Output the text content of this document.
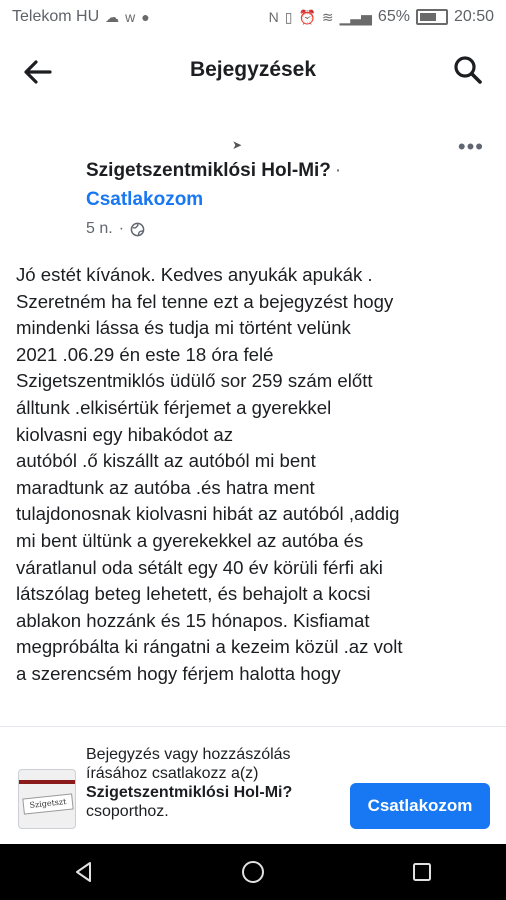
Telekom HU ☁ w ●	N ▯ ⏰ ≋ ▁▃▅ 65%	20:50
Bejegyzések
➤	•••
Szigetszentmiklósi Hol-Mi? ·
Csatlakozom
5 n. ·
Jó estét kívánok. Kedves anyukák apukák .
Szeretném ha fel tenne ezt a bejegyzést hogy
mindenki lássa és tudja mi történt velünk
2021 .06.29 én este 18 óra felé
Szigetszentmiklós üdülő sor 259 szám előtt
álltunk .elkisértük férjemet a gyerekkel
kiolvasni egy hibakódot az
autóból .ő kiszállt az autóból mi bent
maradtunk az autóba .és hatra ment
tulajdonosnak kiolvasni hibát az autóból ,addig
mi bent ültünk a gyerekekkel az autóba és
váratlanul oda sétált egy 40 év körüli férfi aki
látszólag beteg lehetett, és behajolt a kocsi
ablakon hozzánk és 15 hónapos. Kisfiamat
megpróbálta ki rángatni a kezeim közül .az volt
a szerencsém hogy férjem halotta hogy
Szigetszt
Bejegyzés vagy hozzászólás
írásához csatlakozz a(z)
Szigetszentmiklósi Hol-Mi?
csoporthoz.	Csatlakozom
